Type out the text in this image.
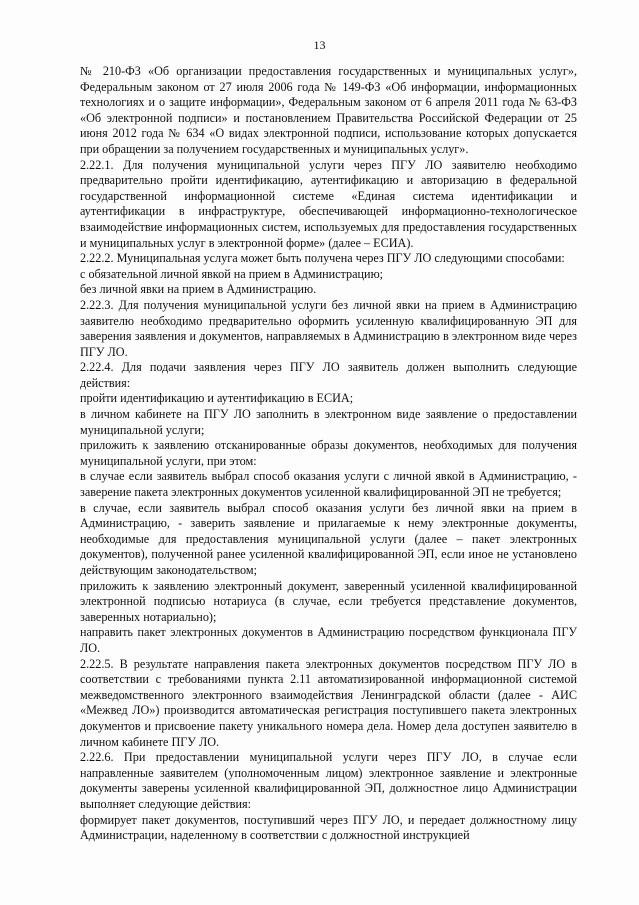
13

№ 210-ФЗ «Об организации предоставления государственных и муниципальных услуг», Федеральным законом от 27 июля 2006 года № 149-ФЗ «Об информации, информационных технологиях и о защите информации», Федеральным законом от 6 апреля 2011 года № 63-ФЗ «Об электронной подписи» и постановлением Правительства Российской Федерации от 25 июня 2012 года № 634 «О видах электронной подписи, использование которых допускается при обращении за получением государственных и муниципальных услуг».

2.22.1. Для получения муниципальной услуги через ПГУ ЛО заявителю необходимо предварительно пройти идентификацию, аутентификацию и авторизацию в федеральной государственной информационной системе «Единая система идентификации и аутентификации в инфраструктуре, обеспечивающей информационно-технологическое взаимодействие информационных систем, используемых для предоставления государственных и муниципальных услуг в электронной форме» (далее – ЕСИА).

2.22.2. Муниципальная услуга может быть получена через ПГУ ЛО следующими способами:

с обязательной личной явкой на прием в Администрацию;

без личной явки на прием в Администрацию.

2.22.3. Для получения муниципальной услуги без личной явки на прием в Администрацию заявителю необходимо предварительно оформить усиленную квалифицированную ЭП для заверения заявления и документов, направляемых в Администрацию в электронном виде через ПГУ ЛО.

2.22.4. Для подачи заявления через ПГУ ЛО заявитель должен выполнить следующие действия:

пройти идентификацию и аутентификацию в ЕСИА;

в личном кабинете на ПГУ ЛО заполнить в электронном виде заявление о предоставлении муниципальной услуги;

приложить к заявлению отсканированные образы документов, необходимых для получения муниципальной услуги, при этом:

в случае если заявитель выбрал способ оказания услуги с личной явкой в Администрацию, - заверение пакета электронных документов усиленной квалифицированной ЭП не требуется;

в случае, если заявитель выбрал способ оказания услуги без личной явки на прием в Администрацию, - заверить заявление и прилагаемые к нему электронные документы, необходимые для предоставления муниципальной услуги (далее – пакет электронных документов), полученной ранее усиленной квалифицированной ЭП, если иное не установлено действующим законодательством;

приложить к заявлению электронный документ, заверенный усиленной квалифицированной электронной подписью нотариуса (в случае, если требуется представление документов, заверенных нотариально);

направить пакет электронных документов в Администрацию посредством функционала ПГУ ЛО.

2.22.5. В результате направления пакета электронных документов посредством ПГУ ЛО в соответствии с требованиями пункта 2.11 автоматизированной информационной системой межведомственного электронного взаимодействия Ленинградской области (далее - АИС «Межвед ЛО») производится автоматическая регистрация поступившего пакета электронных документов и присвоение пакету уникального номера дела. Номер дела доступен заявителю в личном кабинете ПГУ ЛО.

2.22.6. При предоставлении муниципальной услуги через ПГУ ЛО, в случае если направленные заявителем (уполномоченным лицом) электронное заявление и электронные документы заверены усиленной квалифицированной ЭП, должностное лицо Администрации выполняет следующие действия:

формирует пакет документов, поступивший через ПГУ ЛО, и передает должностному лицу Администрации, наделенному в соответствии с должностной инструкцией
